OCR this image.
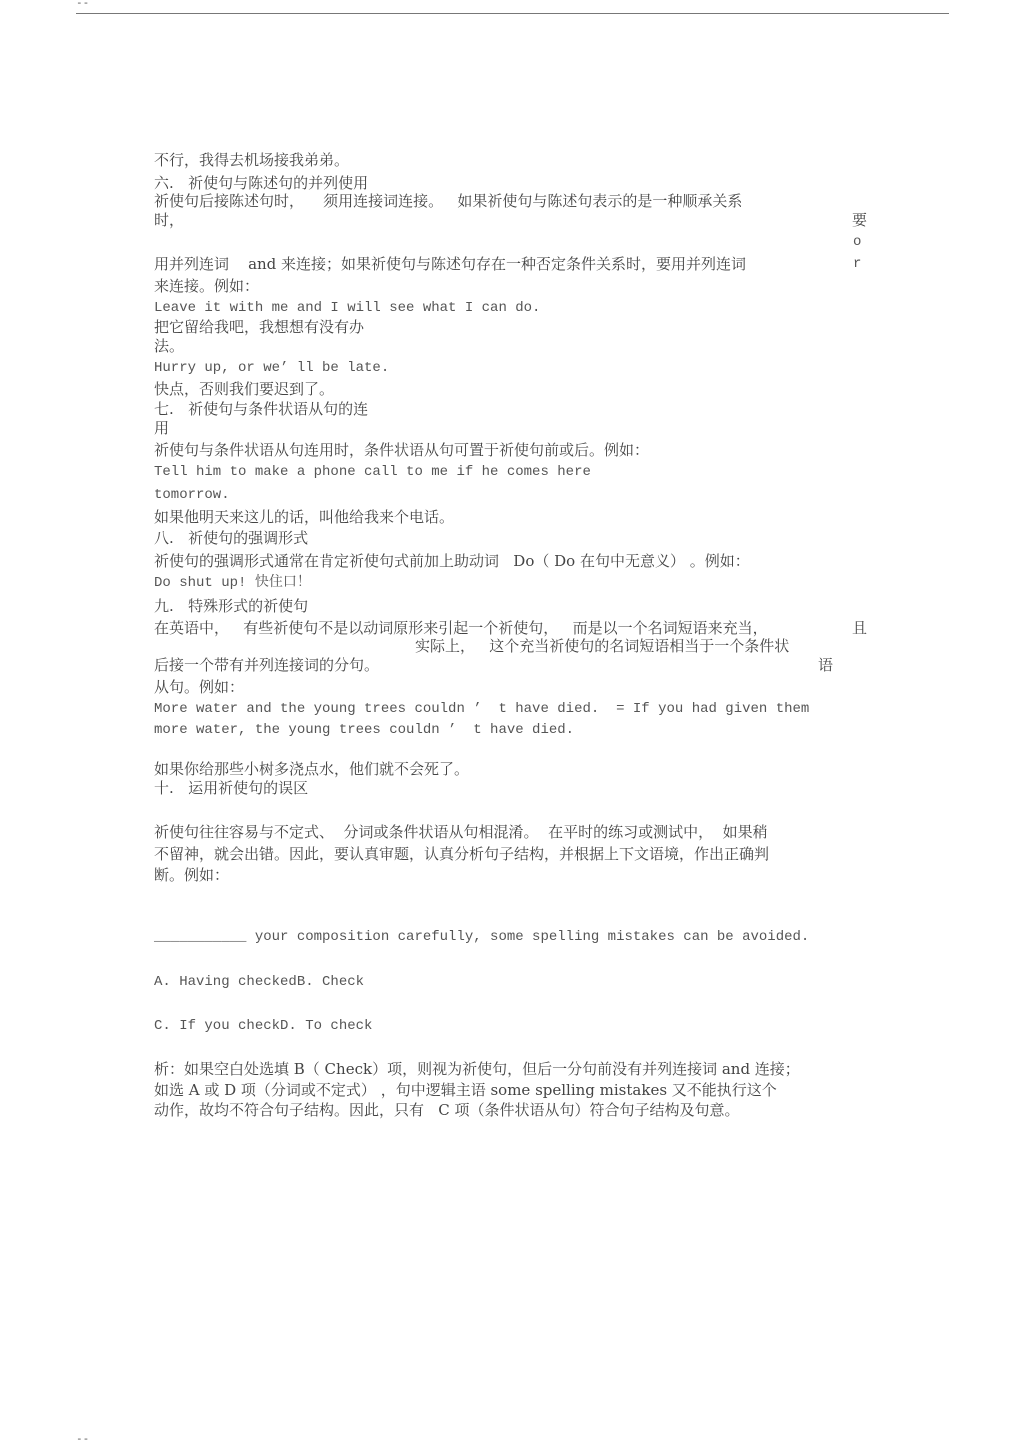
--
不行，我得去机场接我弟弟。
六.   祈使句与陈述句的并列使用
祈使句后接陈述句时，    须用连接词连接。   如果祈使句与陈述句表示的是一种顺承关系
时，
用并列连词    and 来连接；如果祈使句与陈述句存在一种否定条件关系时，要用并列连词
来连接。例如：
Leave it with me and I will see what I can do.
把它留给我吧，我想想有没有办
法。
Hurry up, or we’ ll be late.
快点，否则我们要迟到了。
七.   祈使句与条件状语从句的连
用
祈使句与条件状语从句连用时，条件状语从句可置于祈使句前或后。例如：
Tell him to make a phone call to me if he comes here
tomorrow.
如果他明天来这儿的话，叫他给我来个电话。
八.   祈使句的强调形式
祈使句的强调形式通常在肯定祈使句式前加上助动词   Do（ Do 在句中无意义） 。例如：
Do shut up! 快住口！
九.   特殊形式的祈使句
在英语中，   有些祈使句不是以动词原形来引起一个祈使句，   而是以一个名词短语来充当，
实际上，   这个充当祈使句的名词短语相当于一个条件状
后接一个带有并列连接词的分句。
从句。例如：
More water and the young trees couldn ’  t have died.  = If you had given them
more water, the young trees couldn ’  t have died.
如果你给那些小树多浇点水，他们就不会死了。
十.   运用祈使句的误区
祈使句往往容易与不定式、  分词或条件状语从句相混淆。  在平时的练习或测试中，  如果稍
不留神，就会出错。因此，要认真审题，认真分析句子结构，并根据上下文语境，作出正确判
断。例如：
___________ your composition carefully, some spelling mistakes can be avoided.
A. Having checkedB. Check
C. If you checkD. To check
析：如果空白处选填 B（ Check）项，则视为祈使句，但后一分句前没有并列连接词 and 连接；
如选 A 或 D 项（分词或不定式） ，句中逻辑主语 some spelling mistakes 又不能执行这个
动作，故均不符合句子结构。因此，只有   C 项（条件状语从句）符合句子结构及句意。
要
o
r
且
语
--
